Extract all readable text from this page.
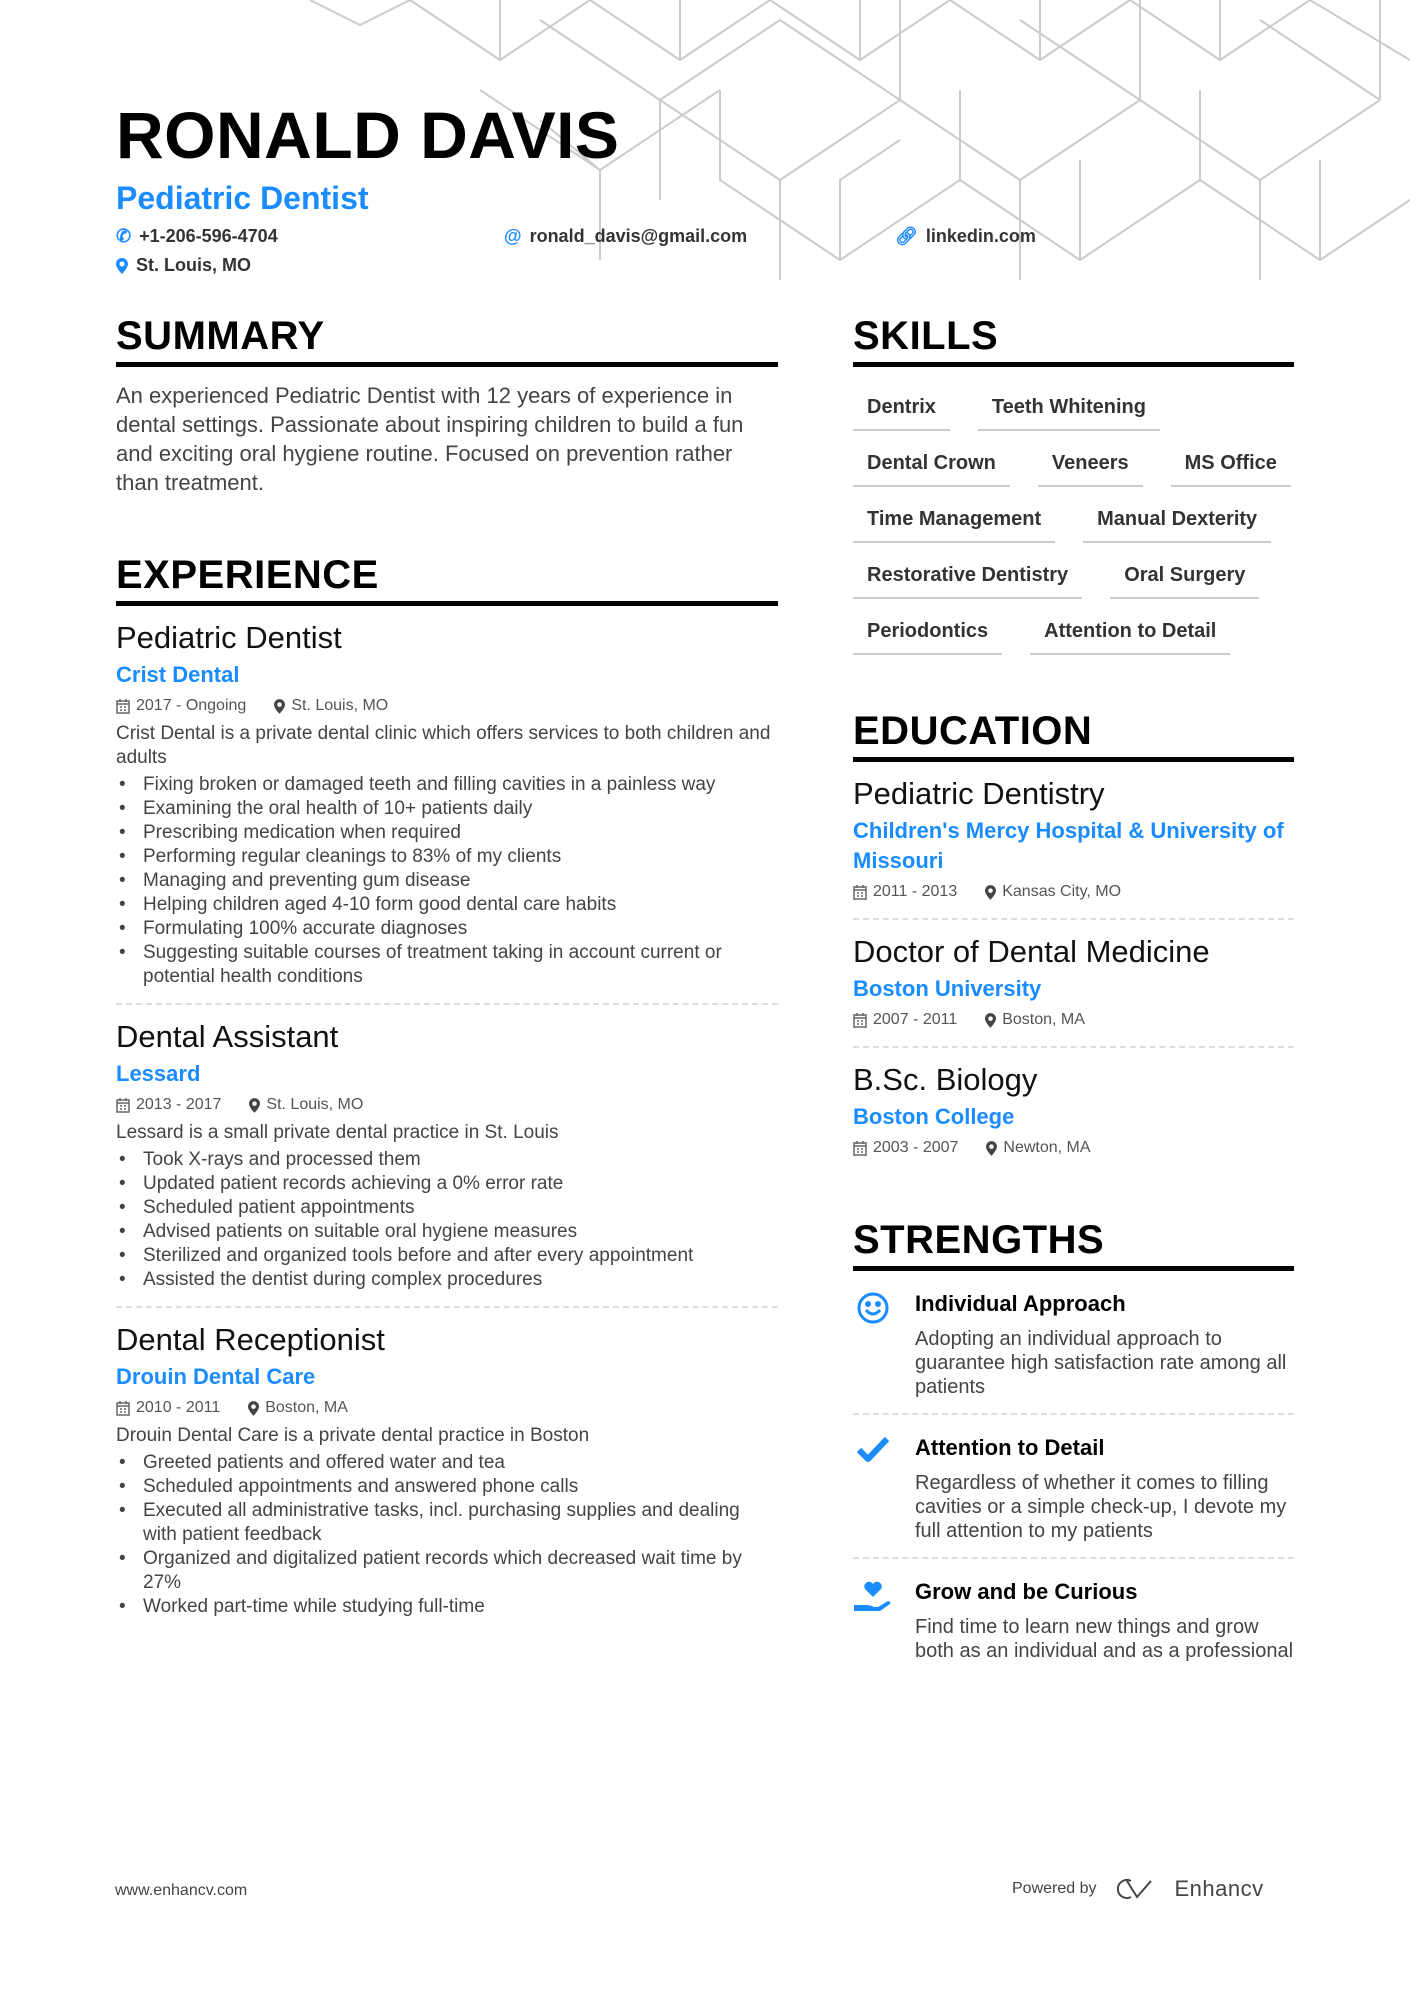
RONALD DAVIS
Pediatric Dentist
✆ +1-206-596-4704	@ ronald_davis@gmail.com	🔗︎ linkedin.com
St. Louis, MO
SUMMARY

An experienced Pediatric Dentist with 12 years of experience in dental settings. Passionate about inspiring children to build a fun and exciting oral hygiene routine. Focused on prevention rather than treatment.

EXPERIENCE
Pediatric Dentist
Crist Dental
2017 - Ongoing	St. Louis, MO
Crist Dental is a private dental clinic which offers services to both children and adults
• Fixing broken or damaged teeth and filling cavities in a painless way
• Examining the oral health of 10+ patients daily
• Prescribing medication when required
• Performing regular cleanings to 83% of my clients
• Managing and preventing gum disease
• Helping children aged 4-10 form good dental care habits
• Formulating 100% accurate diagnoses
• Suggesting suitable courses of treatment taking in account current or potential health conditions
Dental Assistant
Lessard
2013 - 2017	St. Louis, MO
Lessard is a small private dental practice in St. Louis
• Took X-rays and processed them
• Updated patient records achieving a 0% error rate
• Scheduled patient appointments
• Advised patients on suitable oral hygiene measures
• Sterilized and organized tools before and after every appointment
• Assisted the dentist during complex procedures
Dental Receptionist
Drouin Dental Care
2010 - 2011	Boston, MA
Drouin Dental Care is a private dental practice in Boston
• Greeted patients and offered water and tea
• Scheduled appointments and answered phone calls
• Executed all administrative tasks, incl. purchasing supplies and dealing with patient feedback
• Organized and digitalized patient records which decreased wait time by 27%
• Worked part-time while studying full-time
SKILLS
Dentrix	Teeth Whitening
Dental Crown	Veneers	MS Office
Time Management	Manual Dexterity
Restorative Dentistry	Oral Surgery
Periodontics	Attention to Detail
EDUCATION
Pediatric Dentistry
Children's Mercy Hospital & University of Missouri
2011 - 2013	Kansas City, MO
Doctor of Dental Medicine
Boston University
2007 - 2011	Boston, MA
B.Sc. Biology
Boston College
2003 - 2007	Newton, MA
STRENGTHS
Individual Approach
Adopting an individual approach to guarantee high satisfaction rate among all patients
Attention to Detail
Regardless of whether it comes to filling cavities or a simple check-up, I devote my full attention to my patients
Grow and be Curious
Find time to learn new things and grow both as an individual and as a professional
www.enhancv.com	Powered by	Enhancv
